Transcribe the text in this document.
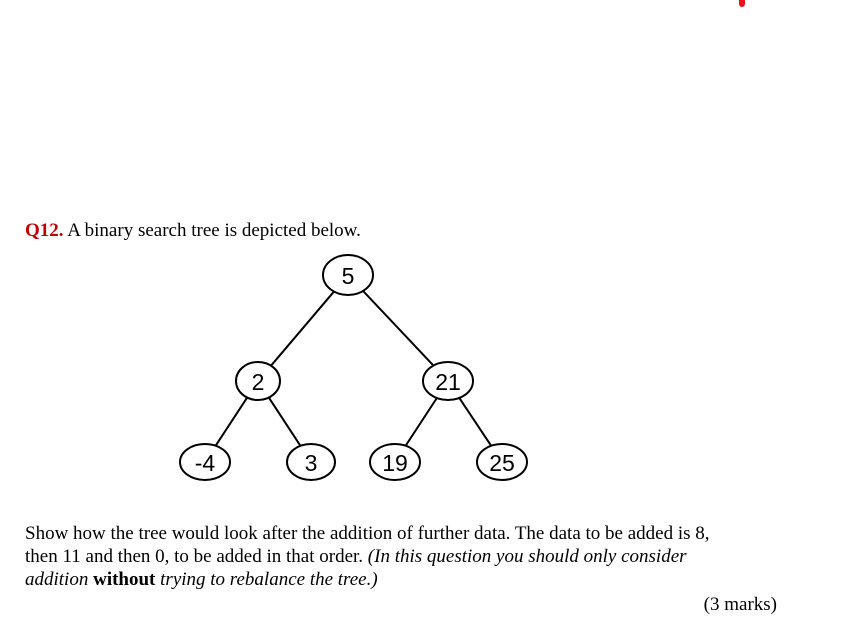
Q12. A binary search tree is depicted below.
5
2	21
-4	3	19	25
Show how the tree would look after the addition of further data. The data to be added is 8,
then 11 and then 0, to be added in that order. (In this question you should only consider
addition without trying to rebalance the tree.)
(3 marks)
